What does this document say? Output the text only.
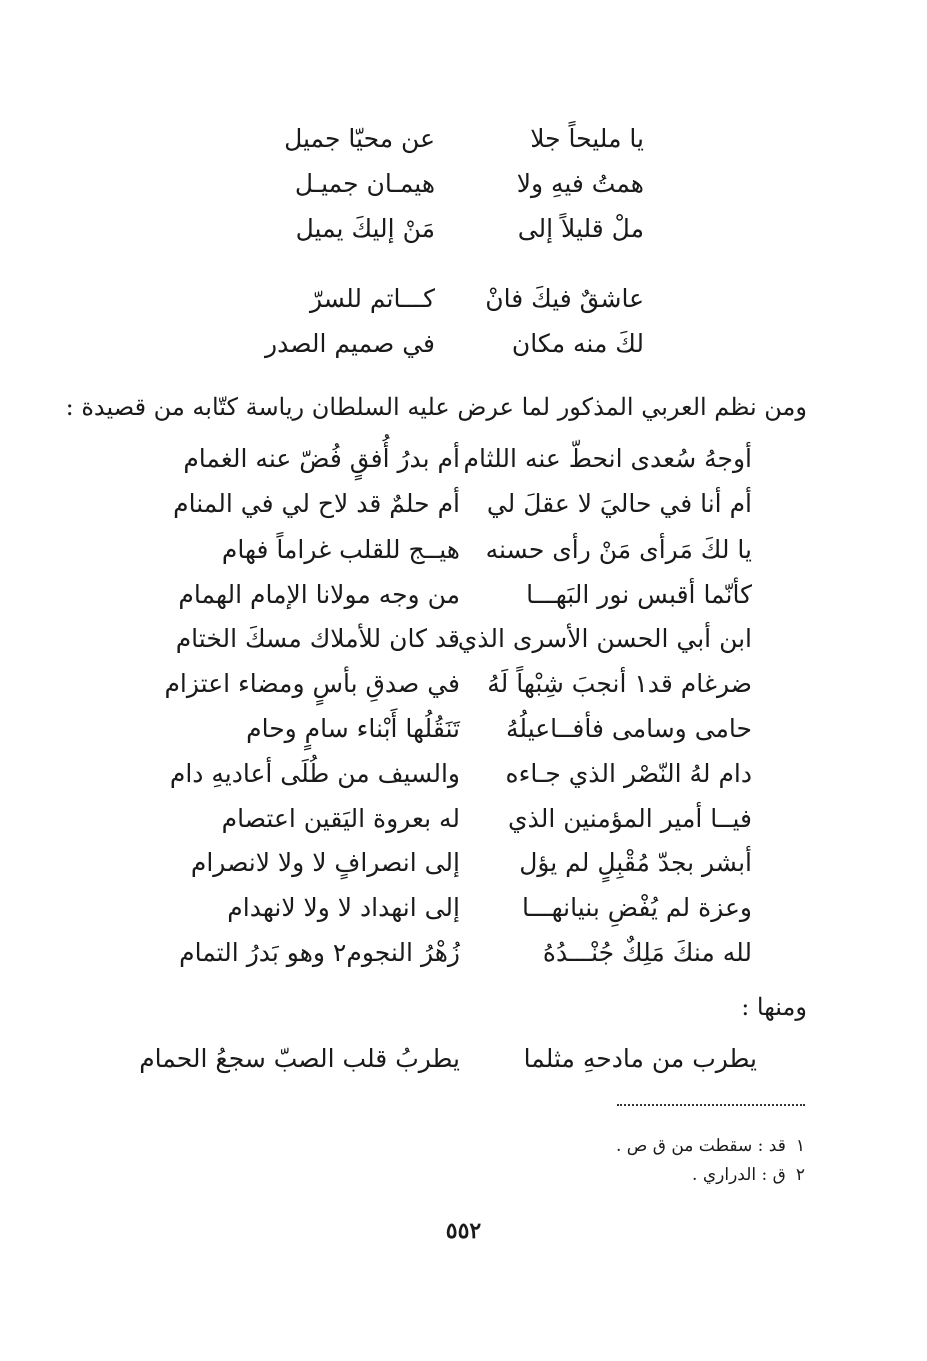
يا مليحاً جلا
عن محيّا جميل
همتُ فيهِ ولا
هيمـان جميـل
ملْ قليلاً إلى
مَنْ إليكَ يميل
عاشقٌ فيكَ فانْ
كـــاتم للسرّ
لكَ منه مكان
في صميم الصدر
ومن نظم العربي المذكور لما عرض عليه السلطان رياسة كتّابه من قصيدة :
أوجهُ سُعدى انحطّ عنه اللثام
أم بدرُ أُفقٍ فُضّ عنه الغمام
أم أنا في حاليَ لا عقلَ لي
أم حلمٌ قد لاح لي في المنام
يا لكَ مَرأى مَنْ رأى حسنه
هيــج للقلب غراماً فهام
كأنّما أقبس نور البَهـــا
من وجه مولانا الإمام الهمام
ابن أبي الحسن الأسرى الذي
قد كان للأملاك مسكَ الختام
ضرغام قد١ أنجبَ شِبْهاً لَهُ
في صدقِ بأسٍ ومضاء اعتزام
حامى وسامى فأفــاعيلُهُ
تَنَقُلُها أَبْناء سامٍ وحام
دام لهُ النّصْر الذي جـاءه
والسيف من طُلَى أعاديهِ دام
فيــا أمير المؤمنين الذي
له بعروة اليَقين اعتصام
أبشر بجدّ مُقْبِلٍ لم يؤل
إلى انصرافٍ لا ولا لانصرام
وعزة لم يُفْضِ بنيانهـــا
إلى انهداد لا ولا لانهدام
لله منكَ مَلِكٌ جُنْـــدُهُ
زُهْرُ النجوم٢ وهو بَدرُ التمام
ومنها :
يطرب من مادحهِ مثلما
يطربُ قلب الصبّ سجعُ الحمام
١قد : سقطت من ق ص .
٢ق : الدراري .
٥٥٢
